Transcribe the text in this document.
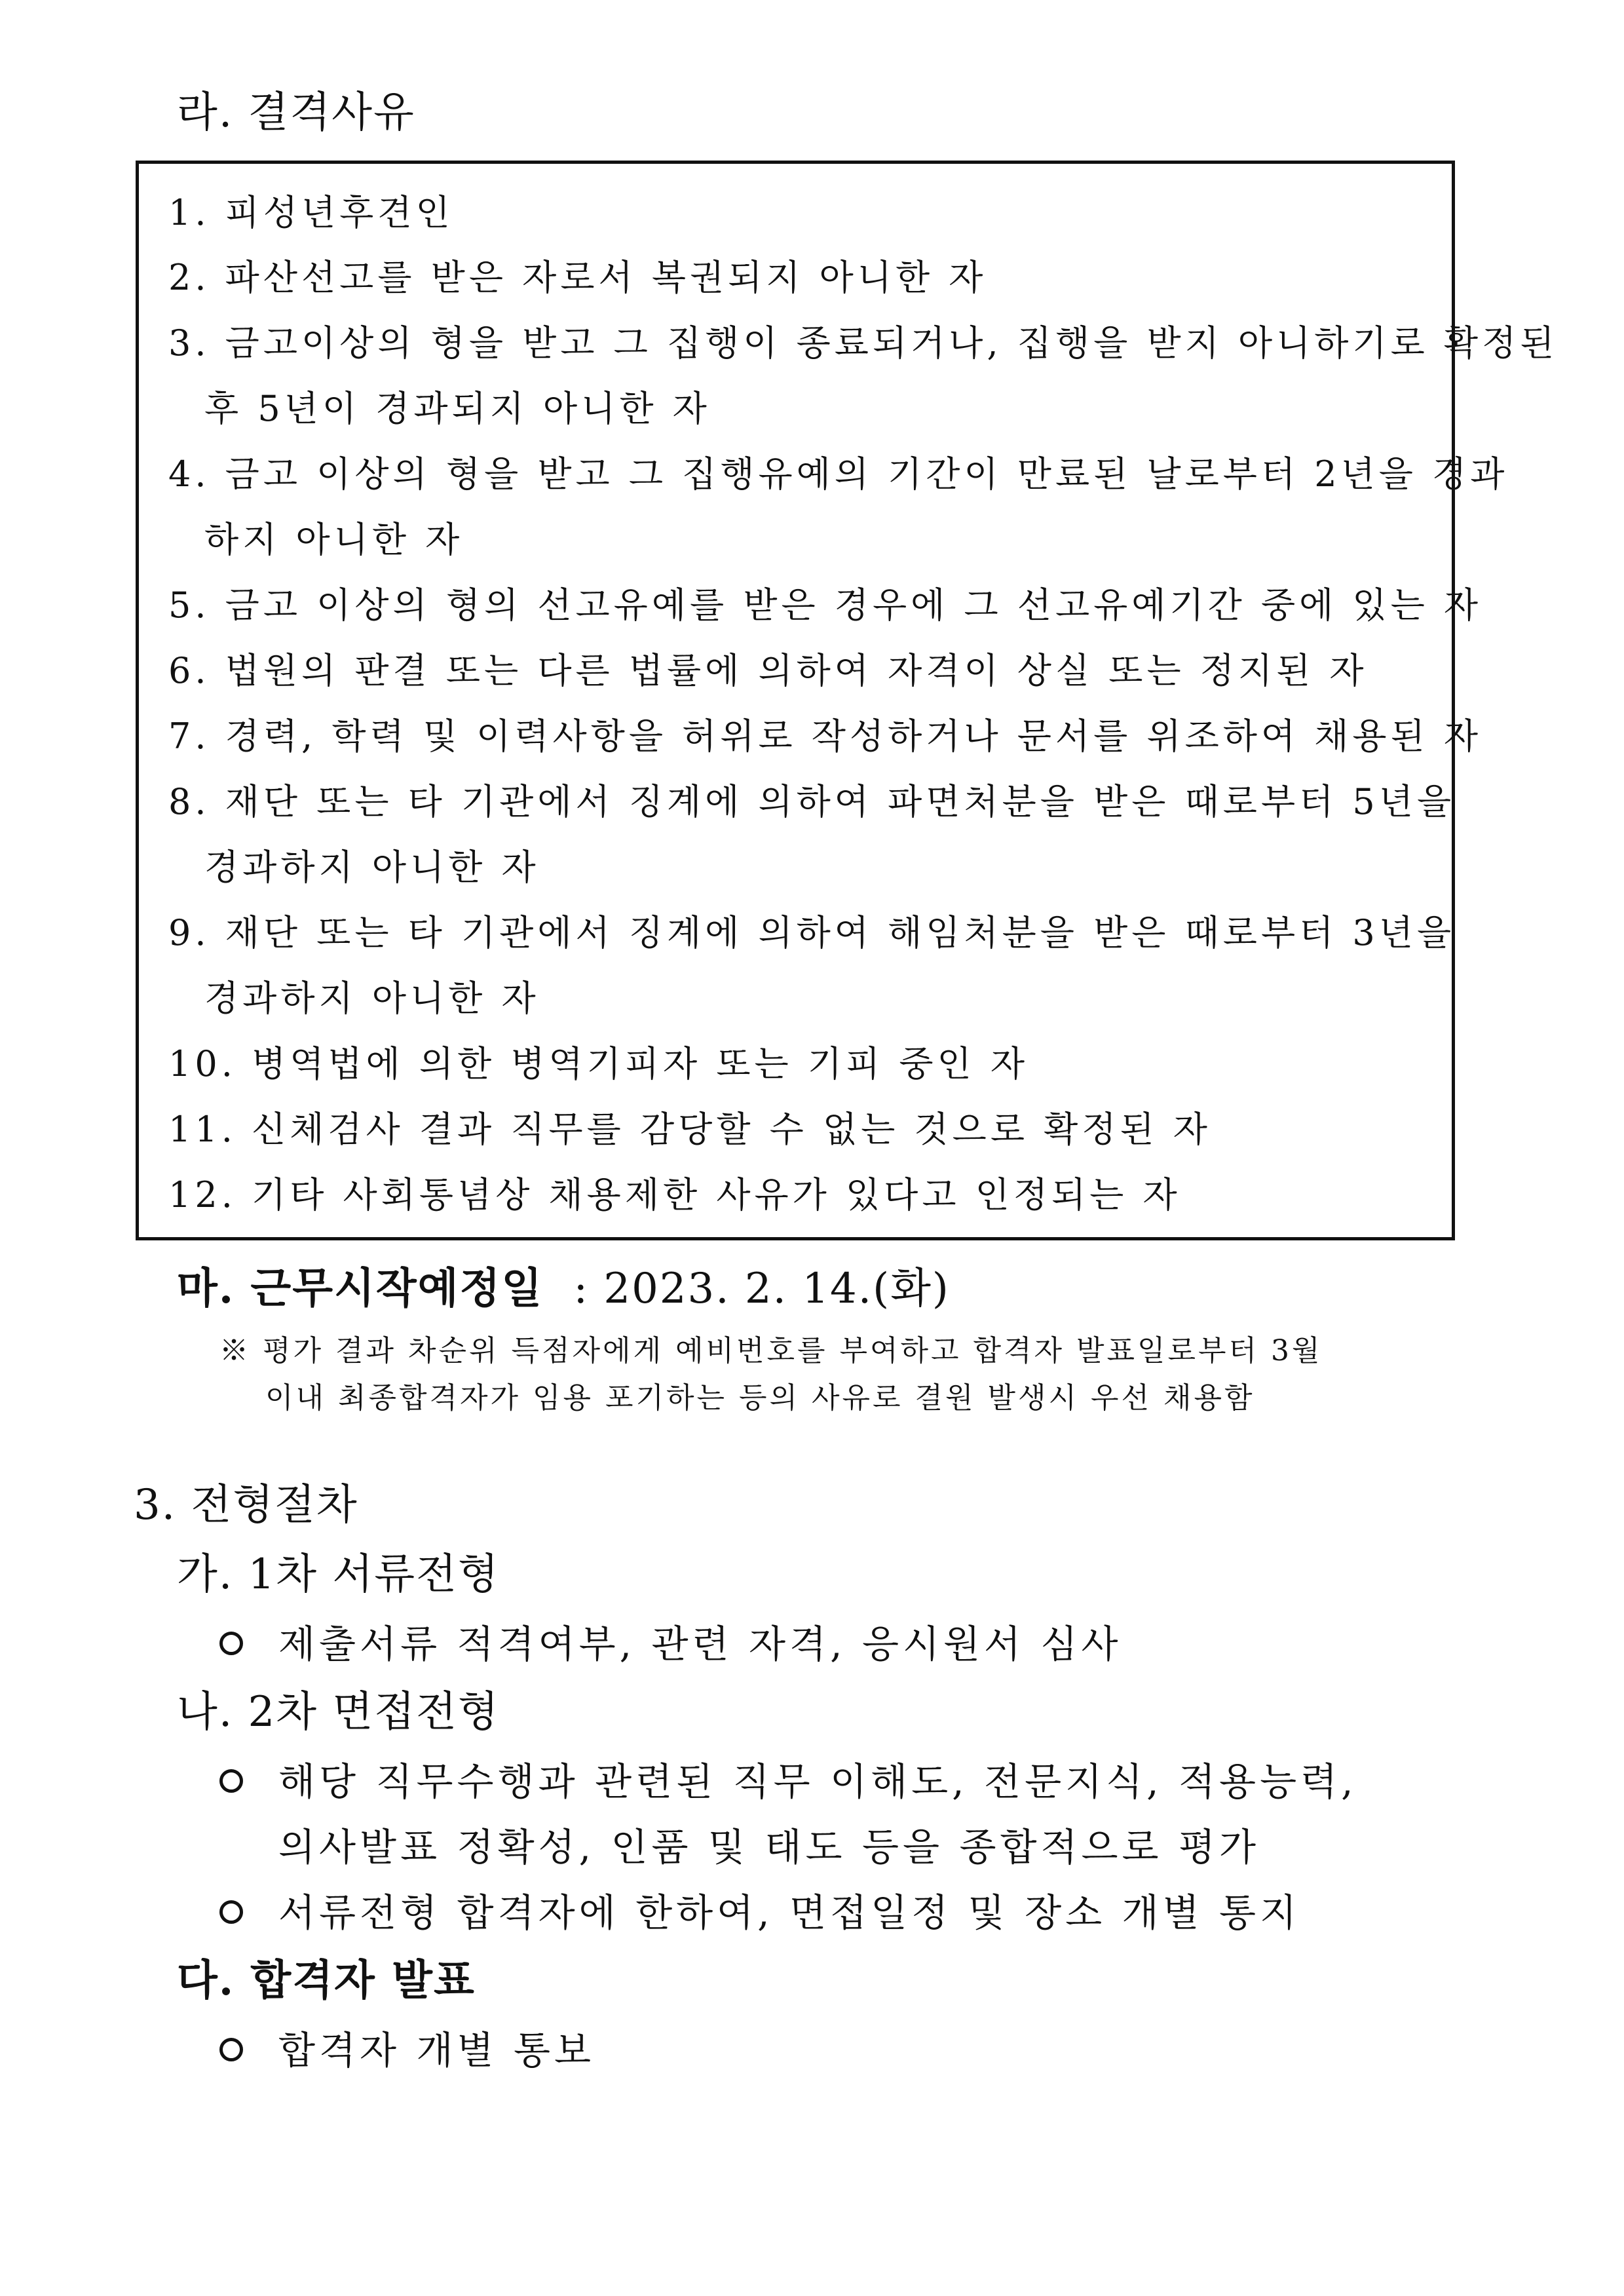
라. 결격사유
1. 피성년후견인
2. 파산선고를 받은 자로서 복권되지 아니한 자
3. 금고이상의 형을 받고 그 집행이 종료되거나, 집행을 받지 아니하기로 확정된
후 5년이 경과되지 아니한 자
4. 금고 이상의 형을 받고 그 집행유예의 기간이 만료된 날로부터 2년을 경과
하지 아니한 자
5. 금고 이상의 형의 선고유예를 받은 경우에 그 선고유예기간 중에 있는 자
6. 법원의 판결 또는 다른 법률에 의하여 자격이 상실 또는 정지된 자
7. 경력, 학력 및 이력사항을 허위로 작성하거나 문서를 위조하여 채용된 자
8. 재단 또는 타 기관에서 징계에 의하여 파면처분을 받은 때로부터 5년을
경과하지 아니한 자
9. 재단 또는 타 기관에서 징계에 의하여 해임처분을 받은 때로부터 3년을
경과하지 아니한 자
10. 병역법에 의한 병역기피자 또는 기피 중인 자
11. 신체검사 결과 직무를 감당할 수 없는 것으로 확정된 자
12. 기타 사회통념상 채용제한 사유가 있다고 인정되는 자
마. 근무시작예정일 : 2023. 2. 14.(화)
※ 평가 결과 차순위 득점자에게 예비번호를 부여하고 합격자 발표일로부터 3월
이내 최종합격자가 임용 포기하는 등의 사유로 결원 발생시 우선 채용함
3. 전형절차
가. 1차 서류전형
제출서류 적격여부, 관련 자격, 응시원서 심사
나. 2차 면접전형
해당 직무수행과 관련된 직무 이해도, 전문지식, 적용능력,
의사발표 정확성, 인품 및 태도 등을 종합적으로 평가
서류전형 합격자에 한하여, 면접일정 및 장소 개별 통지
다. 합격자 발표
합격자 개별 통보
